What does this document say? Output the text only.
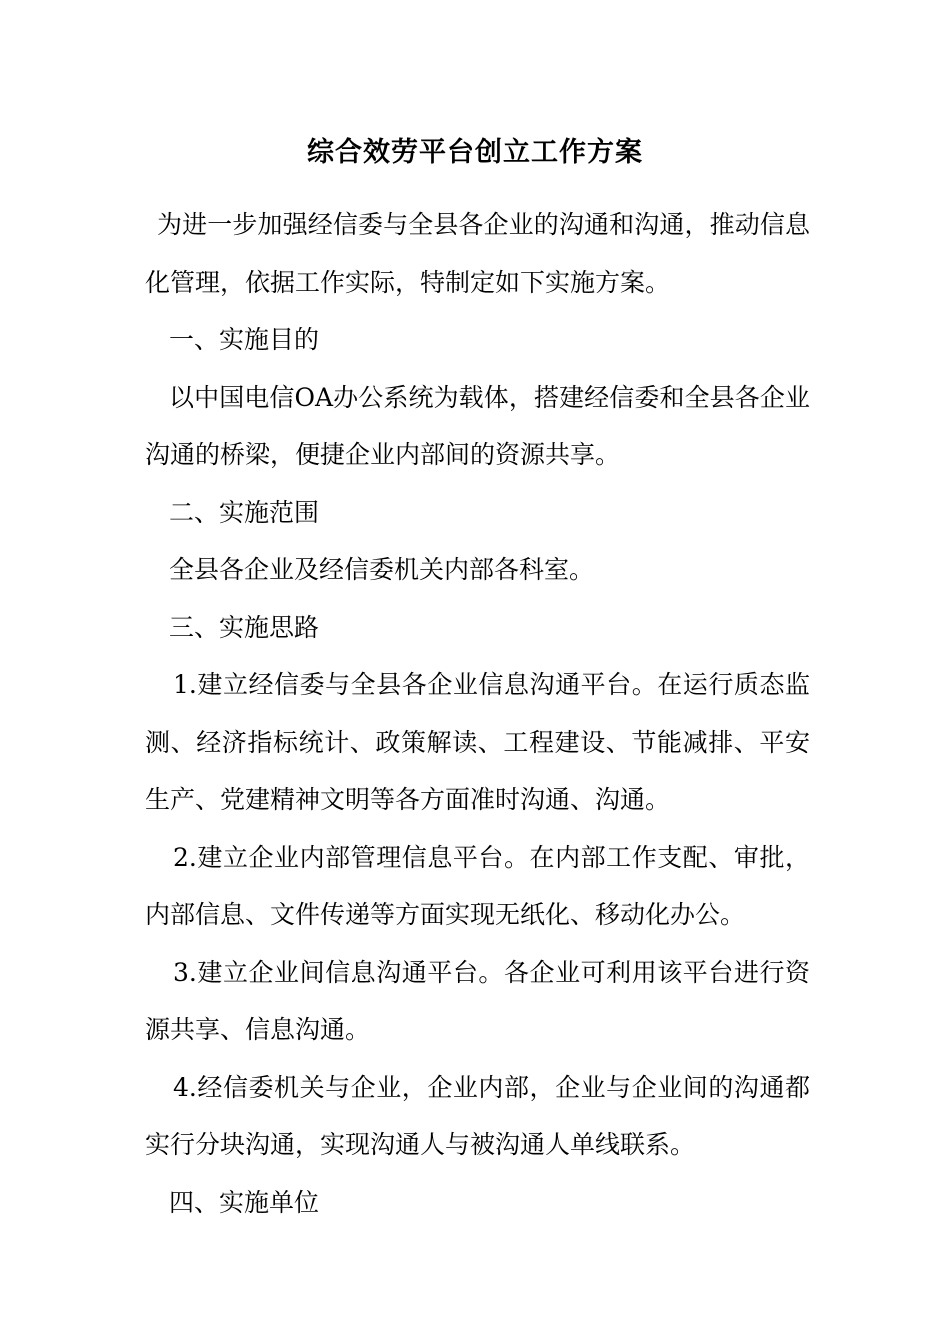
综合效劳平台创立工作方案

为进一步加强经信委与全县各企业的沟通和沟通，推动信息化管理，依据工作实际，特制定如下实施方案。

一、实施目的

以中国电信OA办公系统为载体，搭建经信委和全县各企业沟通的桥梁，便捷企业内部间的资源共享。

二、实施范围

全县各企业及经信委机关内部各科室。

三、实施思路

1.建立经信委与全县各企业信息沟通平台。在运行质态监测、经济指标统计、政策解读、工程建设、节能减排、平安生产、党建精神文明等各方面准时沟通、沟通。

2.建立企业内部管理信息平台。在内部工作支配、审批，内部信息、文件传递等方面实现无纸化、移动化办公。

3.建立企业间信息沟通平台。各企业可利用该平台进行资源共享、信息沟通。

4.经信委机关与企业，企业内部，企业与企业间的沟通都实行分块沟通，实现沟通人与被沟通人单线联系。

四、实施单位
